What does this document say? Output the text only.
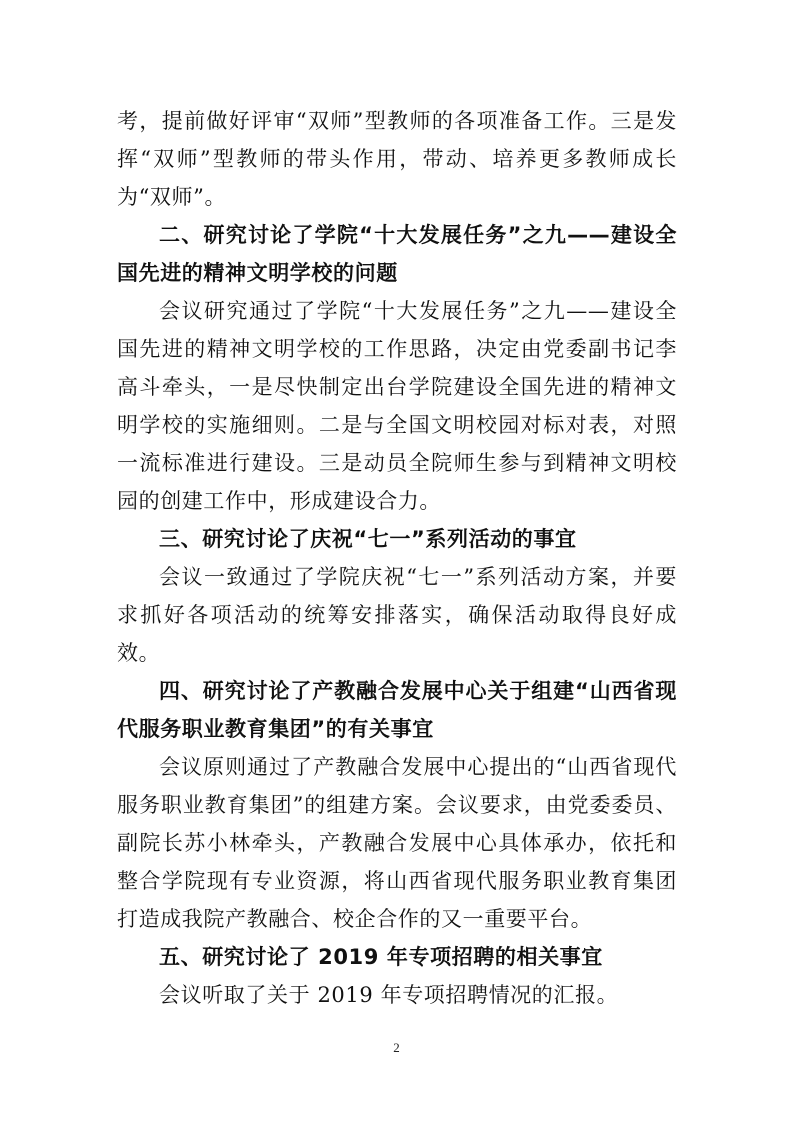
考，提前做好评审“双师”型教师的各项准备工作。三是发挥“双师”型教师的带头作用，带动、培养更多教师成长为“双师”。

二、研究讨论了学院“十大发展任务”之九——建设全国先进的精神文明学校的问题

会议研究通过了学院“十大发展任务”之九——建设全国先进的精神文明学校的工作思路，决定由党委副书记李高斗牵头，一是尽快制定出台学院建设全国先进的精神文明学校的实施细则。二是与全国文明校园对标对表，对照一流标准进行建设。三是动员全院师生参与到精神文明校园的创建工作中，形成建设合力。

三、研究讨论了庆祝“七一”系列活动的事宜

会议一致通过了学院庆祝“七一”系列活动方案，并要求抓好各项活动的统筹安排落实，确保活动取得良好成效。

四、研究讨论了产教融合发展中心关于组建“山西省现代服务职业教育集团”的有关事宜

会议原则通过了产教融合发展中心提出的“山西省现代服务职业教育集团”的组建方案。会议要求，由党委委员、副院长苏小林牵头，产教融合发展中心具体承办，依托和整合学院现有专业资源，将山西省现代服务职业教育集团打造成我院产教融合、校企合作的又一重要平台。

五、研究讨论了 2019 年专项招聘的相关事宜

会议听取了关于 2019 年专项招聘情况的汇报。

2
